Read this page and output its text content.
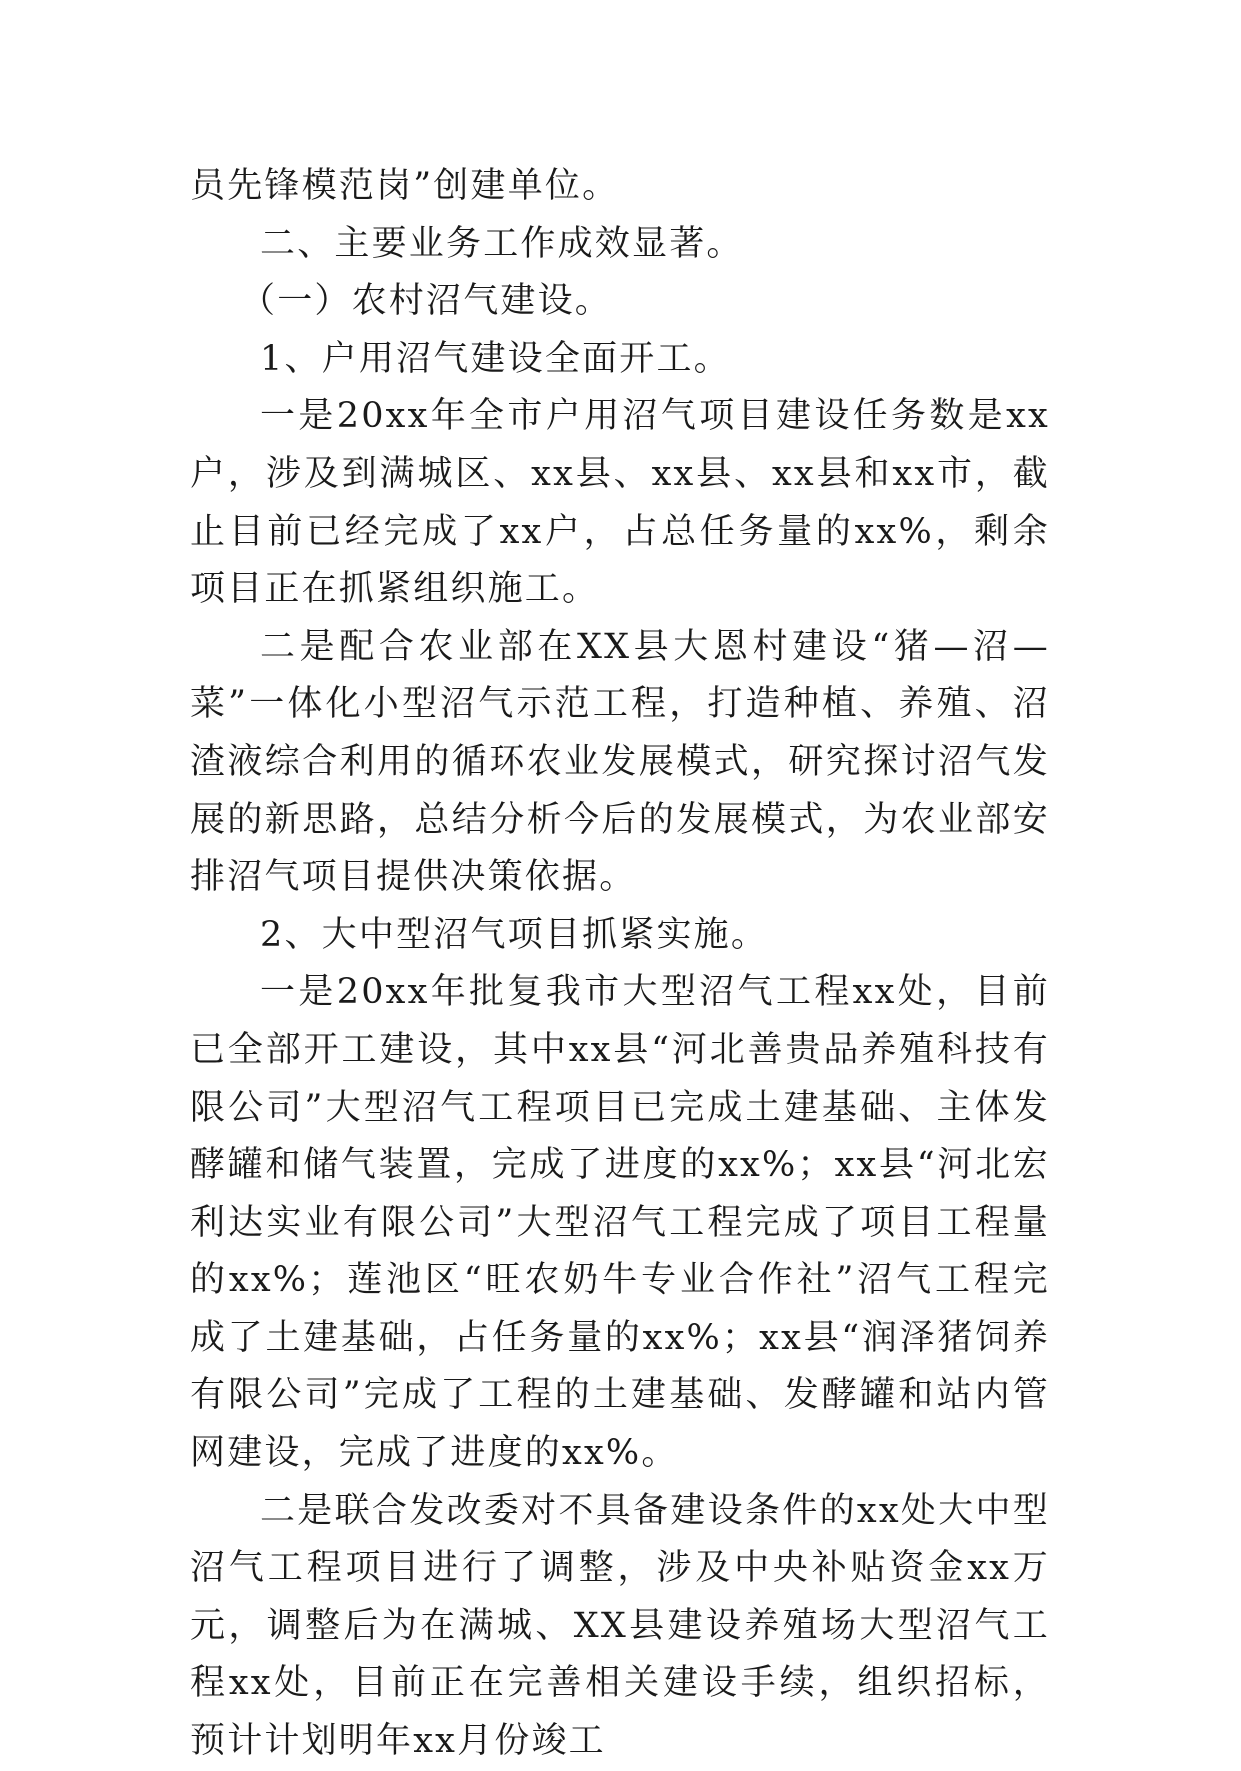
员先锋模范岗”创建单位。

二、主要业务工作成效显著。

（一）农村沼气建设。

1、户用沼气建设全面开工。

一是20xx年全市户用沼气项目建设任务数是xx户，涉及到满城区、xx县、xx县、xx县和xx市，截止目前已经完成了xx户，占总任务量的xx%，剩余项目正在抓紧组织施工。

二是配合农业部在XX县大恩村建设“猪—沼—菜”一体化小型沼气示范工程，打造种植、养殖、沼渣液综合利用的循环农业发展模式，研究探讨沼气发展的新思路，总结分析今后的发展模式，为农业部安排沼气项目提供决策依据。

2、大中型沼气项目抓紧实施。

一是20xx年批复我市大型沼气工程xx处，目前已全部开工建设，其中xx县“河北善贵品养殖科技有限公司”大型沼气工程项目已完成土建基础、主体发酵罐和储气装置，完成了进度的xx%；xx县“河北宏利达实业有限公司”大型沼气工程完成了项目工程量的xx%；莲池区“旺农奶牛专业合作社”沼气工程完成了土建基础，占任务量的xx%；xx县“润泽猪饲养有限公司”完成了工程的土建基础、发酵罐和站内管网建设，完成了进度的xx%。

二是联合发改委对不具备建设条件的xx处大中型沼气工程项目进行了调整，涉及中央补贴资金xx万元，调整后为在满城、XX县建设养殖场大型沼气工程xx处，目前正在完善相关建设手续，组织招标，预计计划明年xx月份竣工
